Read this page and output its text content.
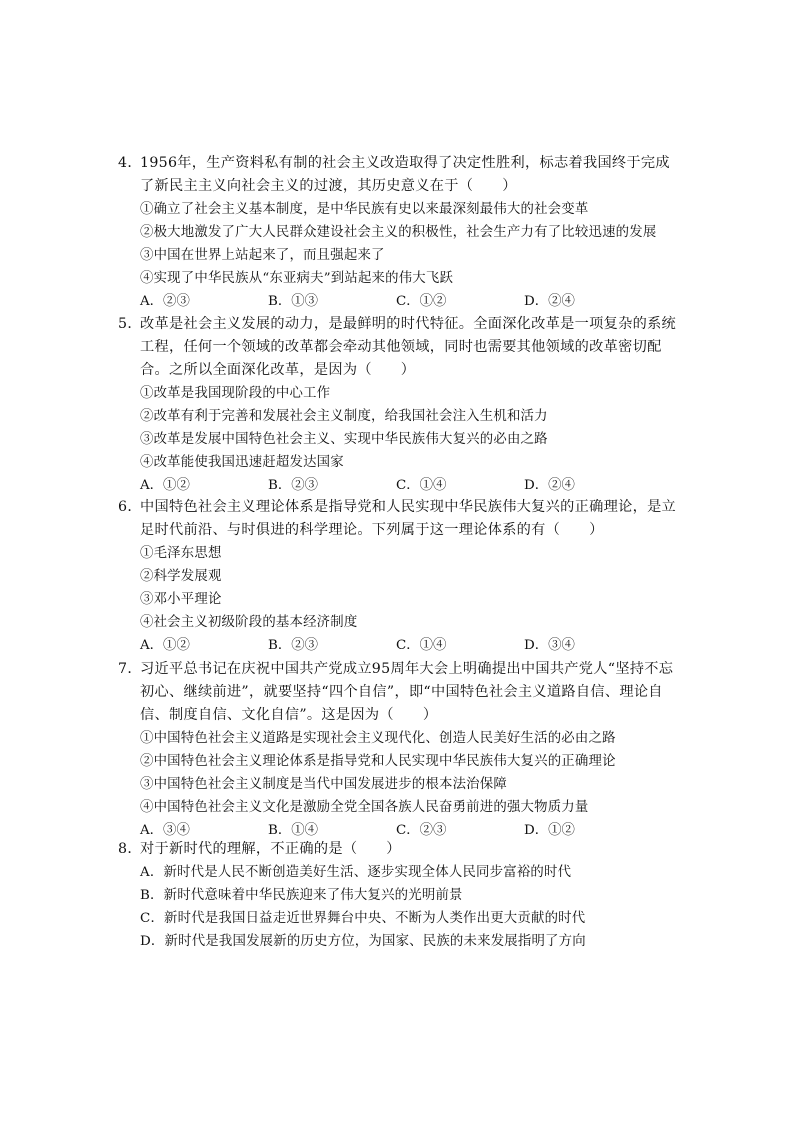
4．1956年，生产资料私有制的社会主义改造取得了决定性胜利，标志着我国终于完成了新民主主义向社会主义的过渡，其历史意义在于（　　）

①确立了社会主义基本制度，是中华民族有史以来最深刻最伟大的社会变革

②极大地激发了广大人民群众建设社会主义的积极性，社会生产力有了比较迅速的发展

③中国在世界上站起来了，而且强起来了

④实现了中华民族从“东亚病夫”到站起来的伟大飞跃

A．②③	B．①③	C．①②	D．②④

5．改革是社会主义发展的动力，是最鲜明的时代特征。全面深化改革是一项复杂的系统工程，任何一个领域的改革都会牵动其他领域，同时也需要其他领域的改革密切配合。之所以全面深化改革，是因为（　　）

①改革是我国现阶段的中心工作

②改革有利于完善和发展社会主义制度，给我国社会注入生机和活力

③改革是发展中国特色社会主义、实现中华民族伟大复兴的必由之路

④改革能使我国迅速赶超发达国家

A．①②	B．②③	C．①④	D．②④

6．中国特色社会主义理论体系是指导党和人民实现中华民族伟大复兴的正确理论，是立足时代前沿、与时俱进的科学理论。下列属于这一理论体系的有（　　）

①毛泽东思想

②科学发展观

③邓小平理论

④社会主义初级阶段的基本经济制度

A．①②	B．②③	C．①④	D．③④

7．习近平总书记在庆祝中国共产党成立95周年大会上明确提出中国共产党人“坚持不忘初心、继续前进”，就要坚持“四个自信”，即“中国特色社会主义道路自信、理论自信、制度自信、文化自信”。这是因为（　　）

①中国特色社会主义道路是实现社会主义现代化、创造人民美好生活的必由之路

②中国特色社会主义理论体系是指导党和人民实现中华民族伟大复兴的正确理论

③中国特色社会主义制度是当代中国发展进步的根本法治保障

④中国特色社会主义文化是激励全党全国各族人民奋勇前进的强大物质力量

A．③④	B．①④	C．②③	D．①②

8．对于新时代的理解，不正确的是（　　）

A．新时代是人民不断创造美好生活、逐步实现全体人民同步富裕的时代

B．新时代意味着中华民族迎来了伟大复兴的光明前景

C．新时代是我国日益走近世界舞台中央、不断为人类作出更大贡献的时代

D．新时代是我国发展新的历史方位，为国家、民族的未来发展指明了方向
